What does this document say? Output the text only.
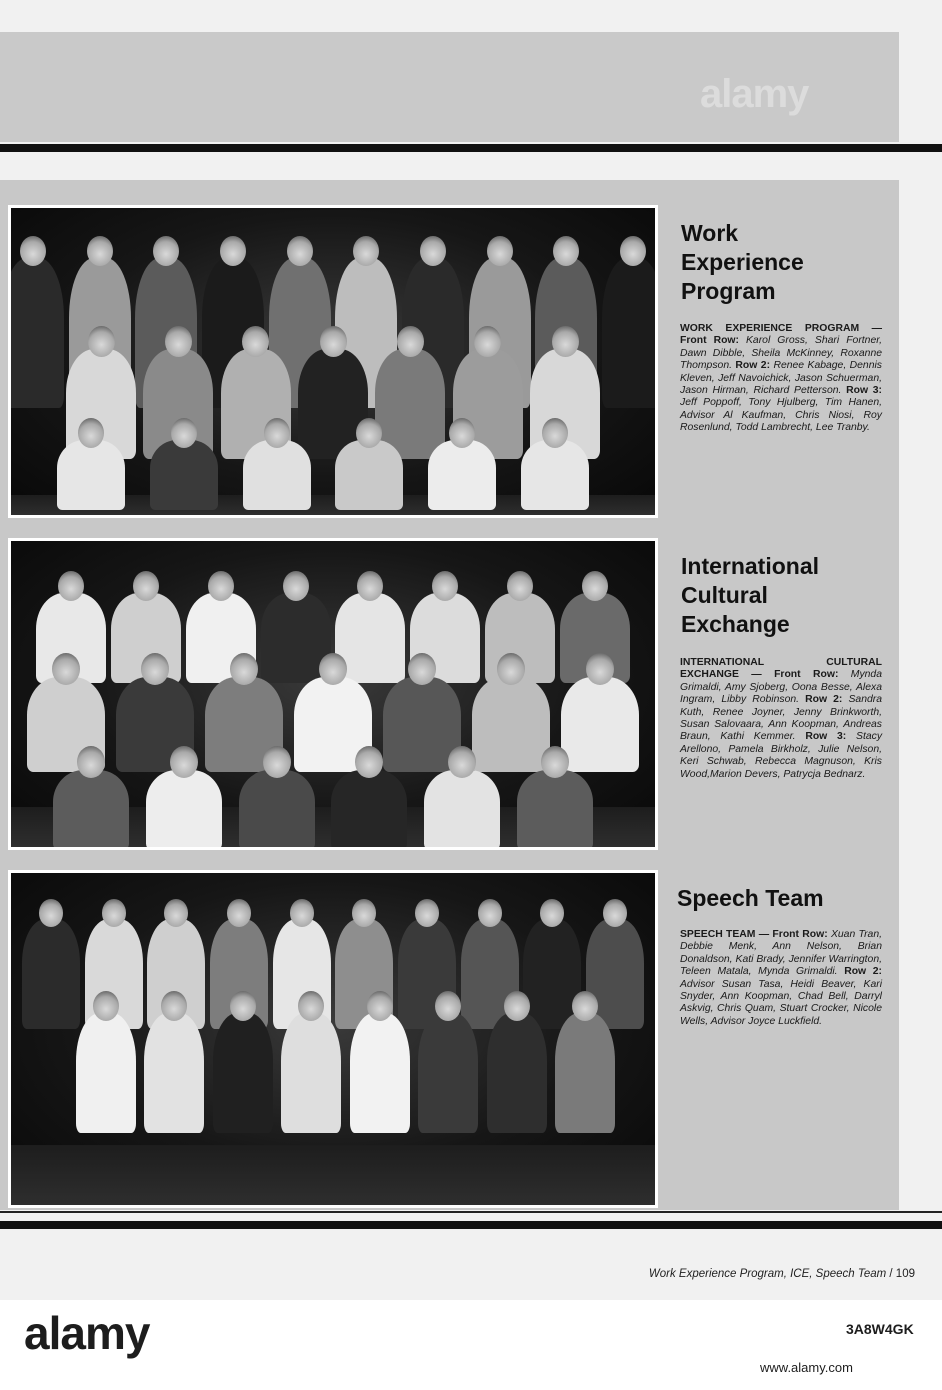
alamy
Work
Experience
Program

WORK EXPERIENCE PROGRAM — Front Row: Karol Gross, Shari Fortner, Dawn Dibble, Sheila McKinney, Roxanne Thompson. Row 2: Renee Kabage, Dennis Kleven, Jeff Navoichick, Jason Schuerman, Jason Hirman, Richard Petterson. Row 3: Jeff Poppoff, Tony Hjulberg, Tim Hanen, Advisor Al Kaufman, Chris Niosi, Roy Rosenlund, Todd Lambrecht, Lee Tranby.

International
Cultural
Exchange

INTERNATIONAL CULTURAL EXCHANGE — Front Row: Mynda Grimaldi, Amy Sjoberg, Oona Besse, Alexa Ingram, Libby Robinson. Row 2: Sandra Kuth, Renee Joyner, Jenny Brinkworth, Susan Salovaara, Ann Koopman, Andreas Braun, Kathi Kemmer. Row 3: Stacy Arellono, Pamela Birkholz, Julie Nelson, Keri Schwab, Rebecca Magnuson, Kris Wood,Marion Devers, Patrycja Bednarz.

Speech Team

SPEECH TEAM — Front Row: Xuan Tran, Debbie Menk, Ann Nelson, Brian Donaldson, Kati Brady, Jennifer Warrington, Teleen Matala, Mynda Grimaldi. Row 2: Advisor Susan Tasa, Heidi Beaver, Kari Snyder, Ann Koopman, Chad Bell, Darryl Askvig, Chris Quam, Stuart Crocker, Nicole Wells, Advisor Joyce Luckfield.

Work Experience Program, ICE, Speech Team / 109
alamy	3A8W4GK
www.alamy.com
